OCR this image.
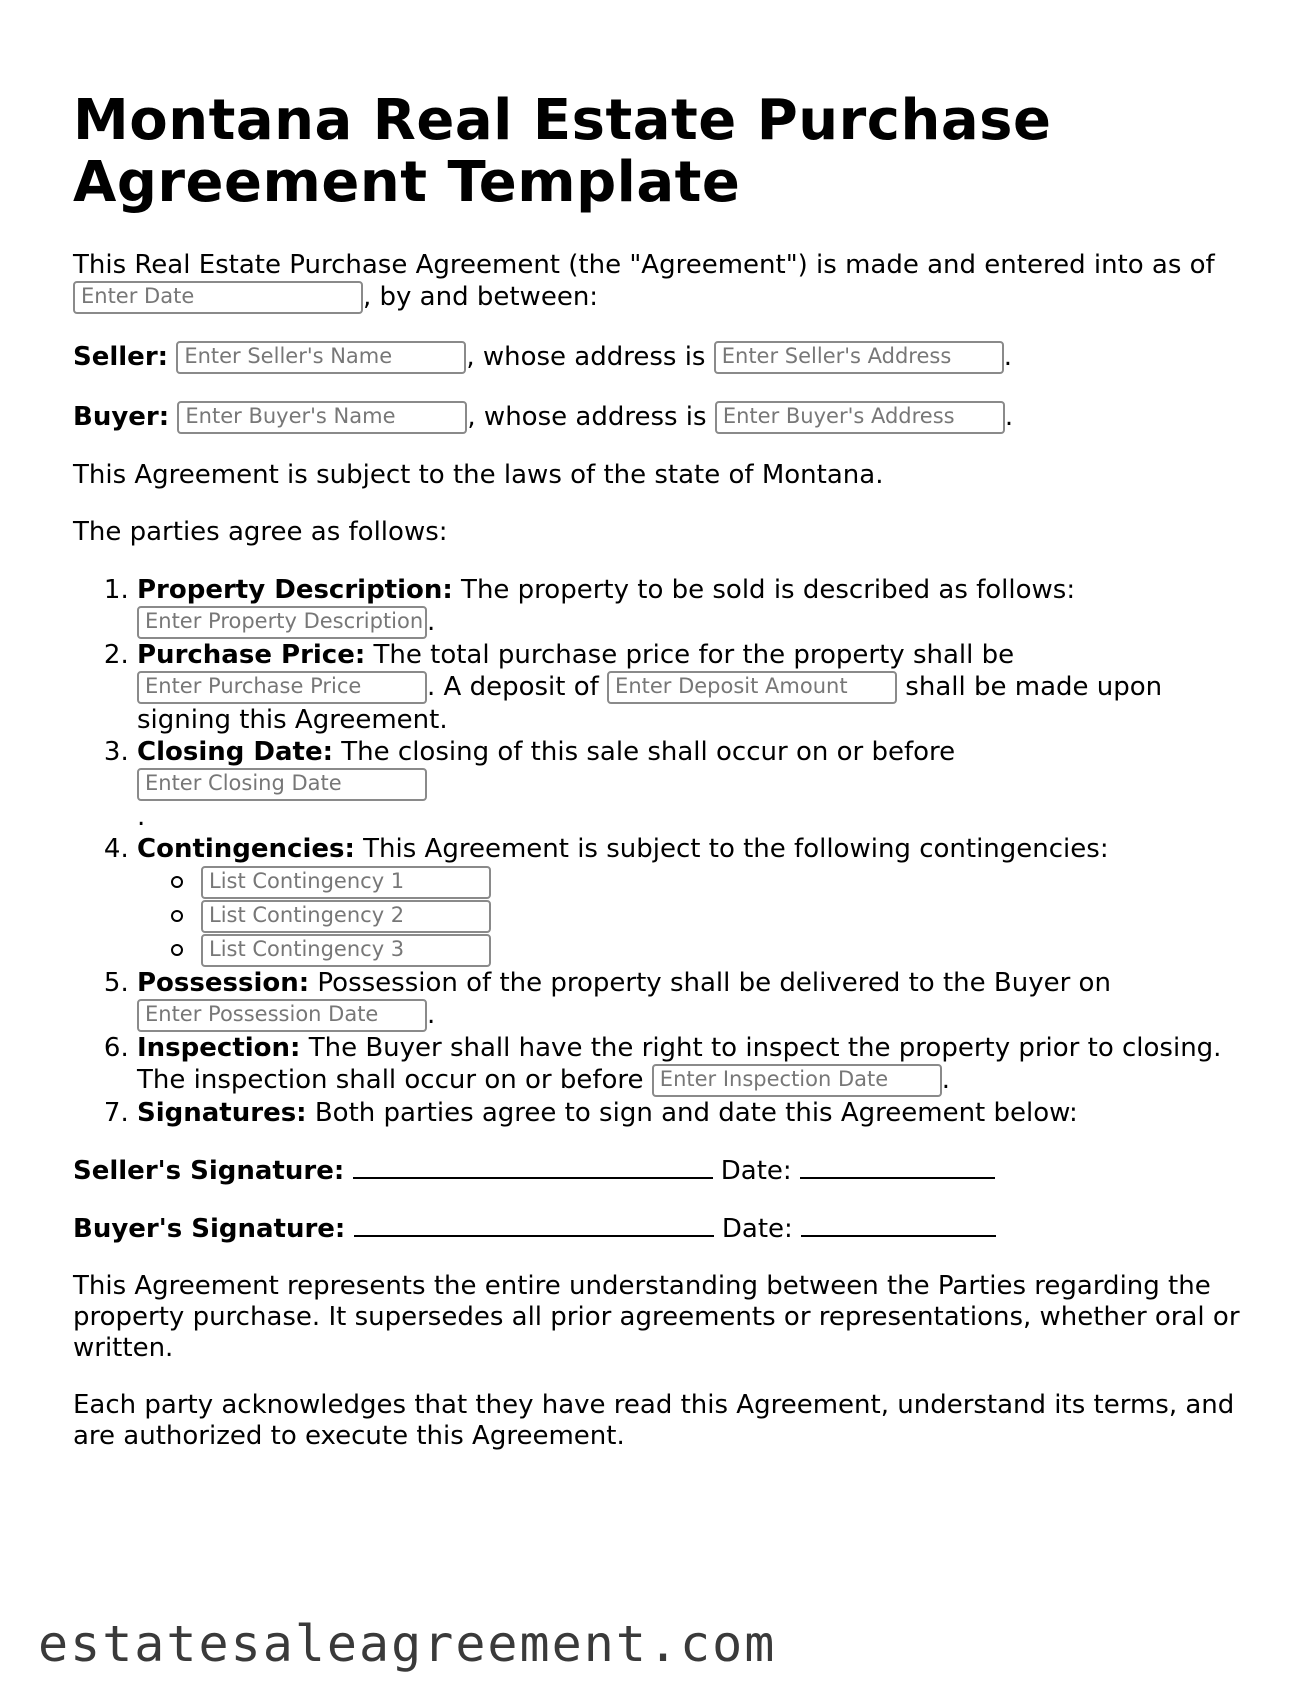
Montana Real Estate Purchase Agreement Template

This Real Estate Purchase Agreement (the "Agreement") is made and entered into as of Enter Date	, by and between:

Seller: Enter Seller's Name	, whose address is Enter Seller's Address .

Buyer: Enter Buyer's Name	, whose address is Enter Buyer's Address .

This Agreement is subject to the laws of the state of Montana.

The parties agree as follows:

1. Property Description: The property to be sold is described as follows: Enter Property Description .
2. Purchase Price: The total purchase price for the property shall be Enter Purchase Price	. A deposit of Enter Deposit Amount shall be made upon signing this Agreement.
3. Closing Date: The closing of this sale shall occur on or before Enter Closing Date
.
4. Contingencies: This Agreement is subject to the following contingencies:
List Contingency 1
List Contingency 2
List Contingency 3
5. Possession: Possession of the property shall be delivered to the Buyer on Enter Possession Date .
6. Inspection: The Buyer shall have the right to inspect the property prior to closing. The inspection shall occur on or before Enter Inspection Date .
7. Signatures: Both parties agree to sign and date this Agreement below:

Seller's Signature:	Date:

Buyer's Signature:	Date:

This Agreement represents the entire understanding between the Parties regarding the property purchase. It supersedes all prior agreements or representations, whether oral or written.

Each party acknowledges that they have read this Agreement, understand its terms, and are authorized to execute this Agreement.

estatesaleagreement.com
